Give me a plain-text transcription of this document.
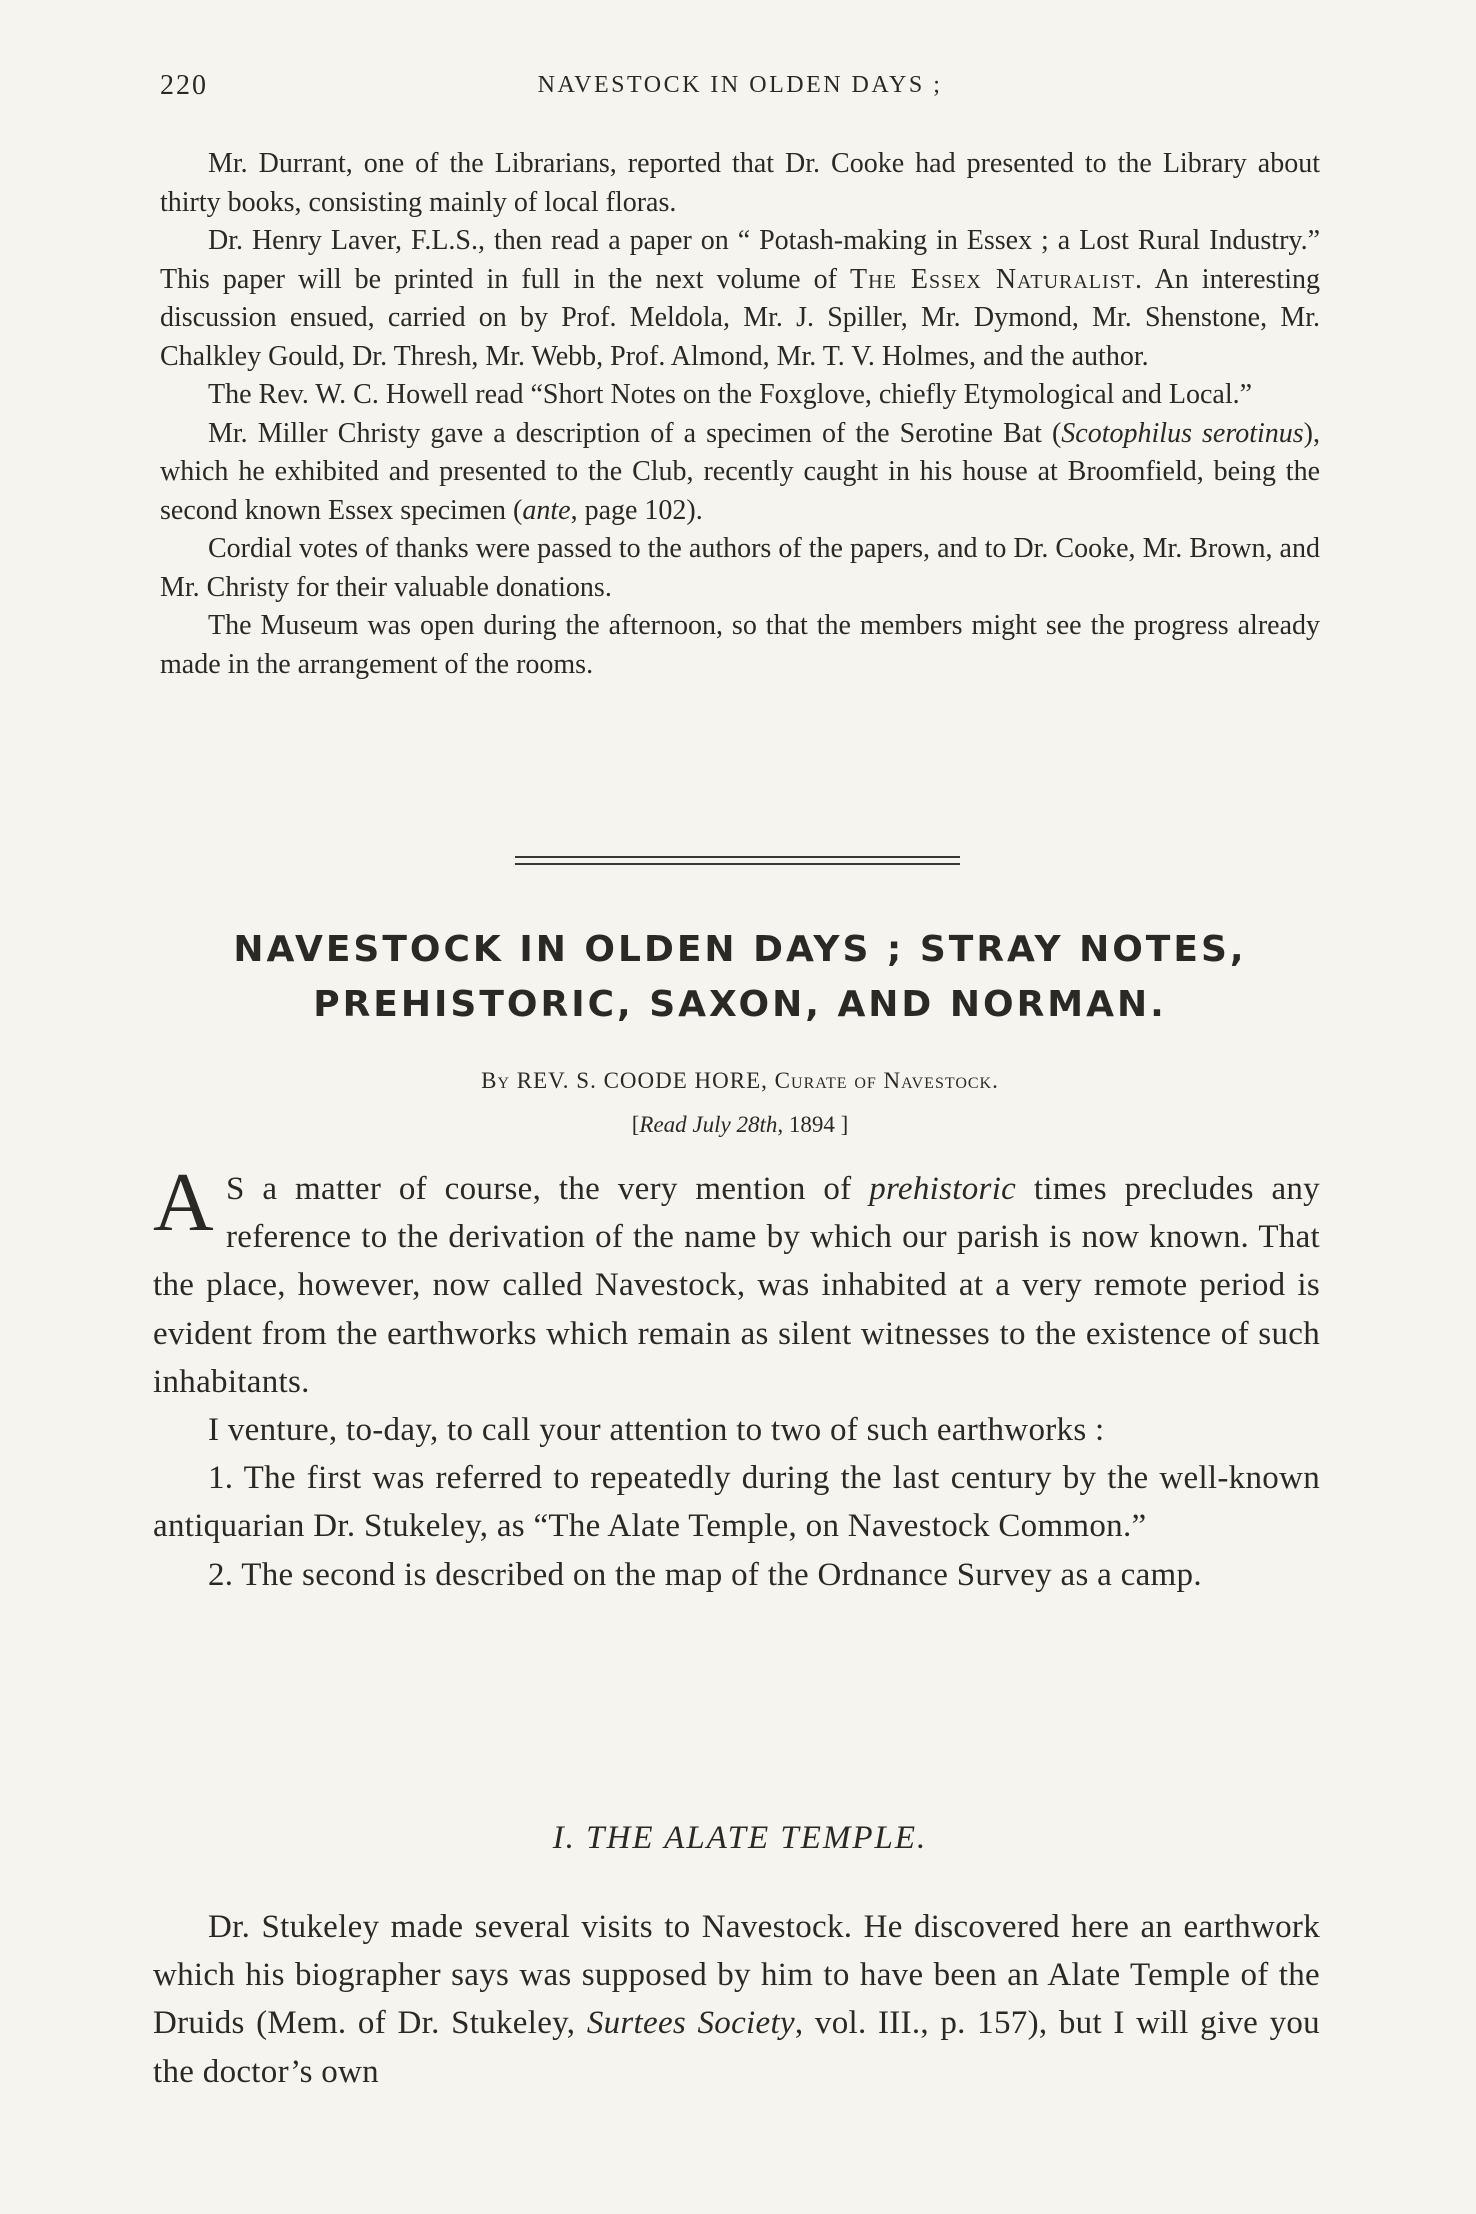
220	NAVESTOCK IN OLDEN DAYS ;

Mr. Durrant, one of the Librarians, reported that Dr. Cooke had presented to the Library about thirty books, consisting mainly of local floras.

Dr. Henry Laver, F.L.S., then read a paper on “ Potash-making in Essex ; a Lost Rural Industry.” This paper will be printed in full in the next volume of The Essex Naturalist. An interesting discussion ensued, carried on by Prof. Meldola, Mr. J. Spiller, Mr. Dymond, Mr. Shenstone, Mr. Chalkley Gould, Dr. Thresh, Mr. Webb, Prof. Almond, Mr. T. V. Holmes, and the author.

The Rev. W. C. Howell read “Short Notes on the Foxglove, chiefly Etymological and Local.”

Mr. Miller Christy gave a description of a specimen of the Serotine Bat (Scotophilus serotinus), which he exhibited and presented to the Club, recently caught in his house at Broomfield, being the second known Essex specimen (ante, page 102).

Cordial votes of thanks were passed to the authors of the papers, and to Dr. Cooke, Mr. Brown, and Mr. Christy for their valuable donations.

The Museum was open during the afternoon, so that the members might see the progress already made in the arrangement of the rooms.

NAVESTOCK IN OLDEN DAYS ; STRAY NOTES,
PREHISTORIC, SAXON, AND NORMAN.
By REV. S. COODE HORE, Curate of Navestock.
[Read July 28th, 1894 ]

A S a matter of course, the very mention of prehistoric times precludes any reference to the derivation of the name by which our parish is now known. That the place, however, now called Navestock, was inhabited at a very remote period is evident from the earthworks which remain as silent witnesses to the existence of such inhabitants.

I venture, to-day, to call your attention to two of such earthworks :

1. The first was referred to repeatedly during the last century by the well-known antiquarian Dr. Stukeley, as “The Alate Temple, on Navestock Common.”

2. The second is described on the map of the Ordnance Survey as a camp.

I. THE ALATE TEMPLE.

Dr. Stukeley made several visits to Navestock. He discovered here an earthwork which his biographer says was supposed by him to have been an Alate Temple of the Druids (Mem. of Dr. Stukeley, Surtees Society, vol. III., p. 157), but I will give you the doctor’s own
